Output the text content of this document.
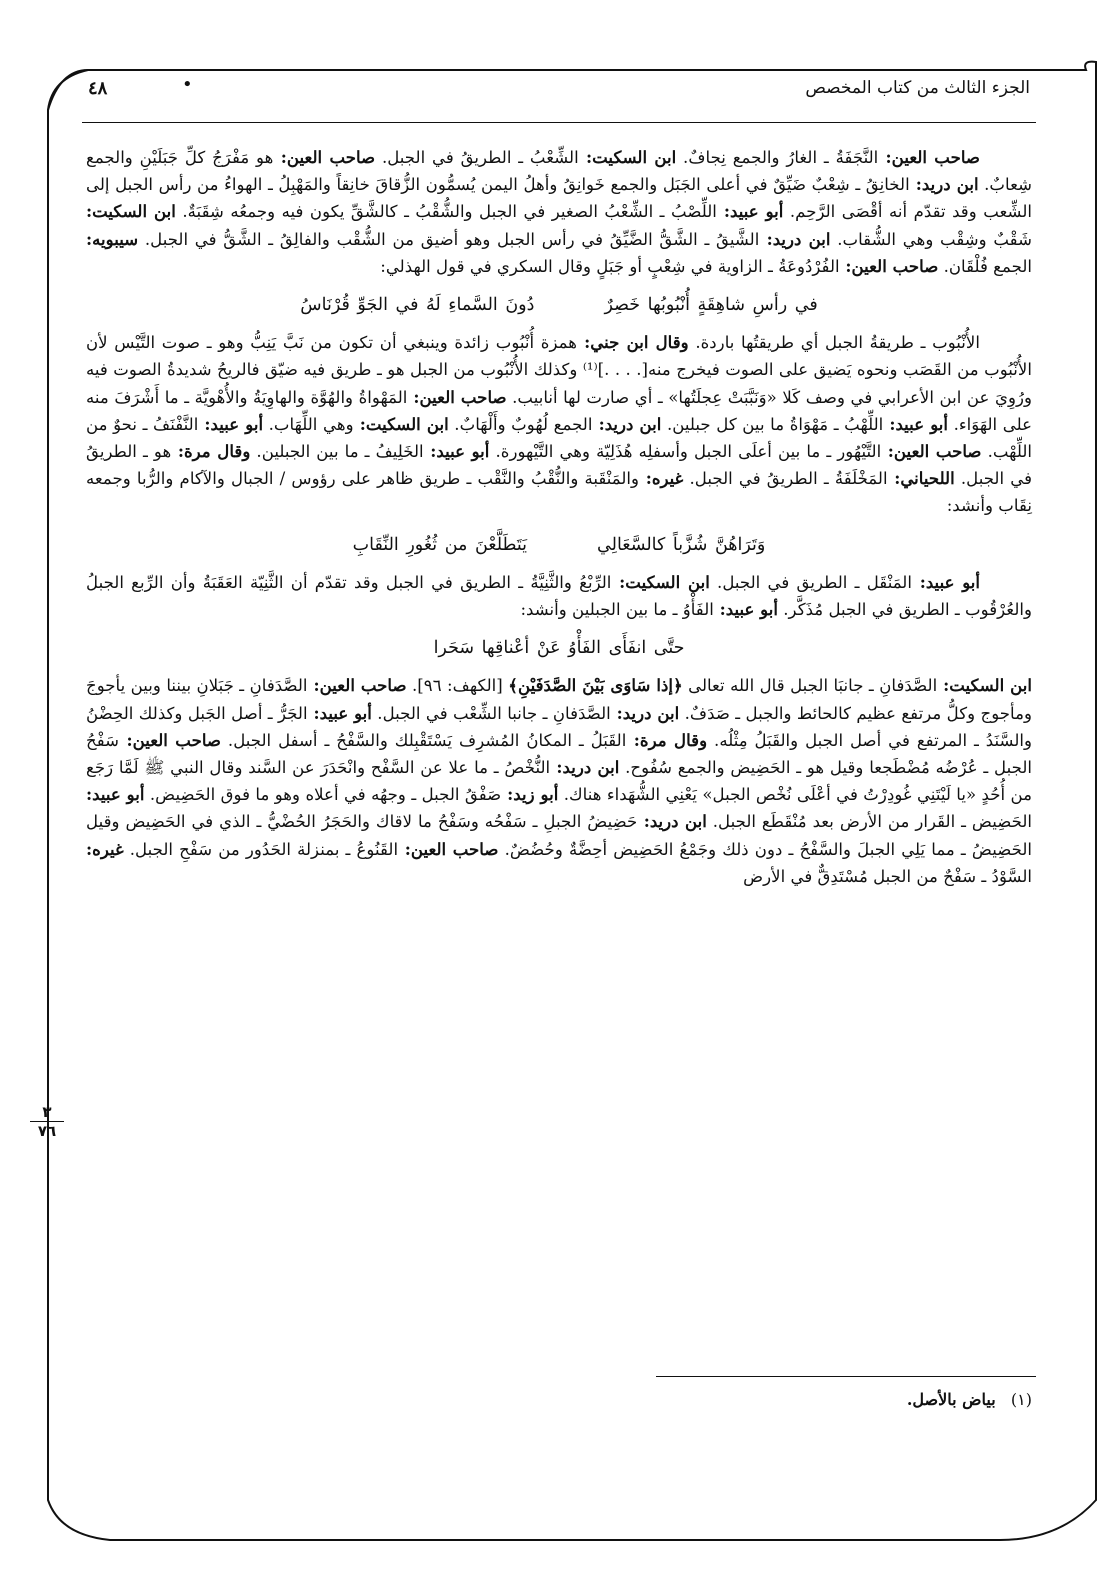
الجزء الثالث من كتاب المخصص
•
٤٨

صاحب العين: النَّجَفَةُ ـ الغارُ والجمع نِجافٌ. ابن السكيت: الشِّعْبُ ـ الطريقُ في الجبل. صاحب العين: هو مَفْرَجُ كلِّ جَبَلَيْنِ والجمع شِعابٌ. ابن دريد: الخانِقُ ـ شِعْبٌ ضَيِّقٌ في أعلى الجَبَل والجمع خَوانِقُ وأهلُ اليمن يُسمُّون الزُّقاقَ خانِقاً والمَهْبِلُ ـ الهواءُ من رأس الجبل إلى الشِّعب وقد تقدّم أنه أقْصَى الرَّحِم. أبو عبيد: اللِّصْبُ ـ الشِّعْبُ الصغير في الجبل والشُّقْبُ ـ كالشَّقِّ يكون فيه وجمعُه شِقَبَةٌ. ابن السكيت: شَقْبٌ وشِقْب وهي الشُّقاب. ابن دريد: الشَّيقُ ـ الشَّقُّ الضَّيِّقُ في رأس الجبل وهو أضيق من الشُّقْب والفالِقُ ـ الشَّقُّ في الجبل. سيبويه: الجمع فُلْقَان. صاحب العين: الفُرْدُوعَةُ ـ الزاوية في شِعْبٍ أو جَبَلٍ وقال السكري في قول الهذلي:

في رأسِ شاهِقَةٍ أُنْبُوبُها خَصِرٌ
دُونَ السَّماءِ لَهُ في الجَوِّ قُرْنَاسُ

الأُنْبُوب ـ طريقةُ الجبل أي طريقتُها باردة. وقال ابن جني: همزة أُنْبُوب زائدة وينبغي أن تكون من نَبَّ يَنِبُّ وهو ـ صوت التَّيْس لأن الأُنْبُوب من القَصَب ونحوه يَضيق على الصوت فيخرج منه[. . . .]⁽¹⁾ وكذلك الأُنْبُوب من الجبل هو ـ طريق فيه ضيّق فالريحُ شديدةُ الصوت فيه ورُوِيَ عن ابن الأعرابي في وصف كَلا «وَنَبَّبَتْ عِجلَتُها» ـ أي صارت لها أنابيب. صاحب العين: المَهْواةُ والهُوَّة والهاوِيَةُ والأُهْويَّة ـ ما أَشْرَفَ منه على الهَوَاء. أبو عبيد: اللِّهْبُ ـ مَهْوَاةُ ما بين كل جبلين. ابن دريد: الجمع لُهُوبٌ وأَلْهَابٌ. ابن السكيت: وهي اللِّهَاب. أبو عبيد: النَّفْنَفُ ـ نحوٌ من اللِّهْب. صاحب العين: التَّيْهُور ـ ما بين أعلَى الجبل وأسفلِه هُذَلِيّة وهي التَّيْهورة. أبو عبيد: الخَلِيفُ ـ ما بين الجبلين. وقال مرة: هو ـ الطريقُ في الجبل. اللحياني: المَخْلَفَةُ ـ الطريقُ في الجبل. غيره: والمَنْقَبة والنُّقْبُ والنَّقْب ـ طريق ظاهر على رؤوس / الجبال والآكام والرُّبا وجمعه نِقَاب وأنشد:

وَتَرَاهُنَّ شُزَّباً كالسَّعَالِي
يَتَطَلَّعْنَ من ثُغُورِ النِّقَابِ

أبو عبيد: المَنْقَل ـ الطريق في الجبل. ابن السكيت: الرِّبْعُ والثَّنِيَّةُ ـ الطريق في الجبل وقد تقدّم أن الثَّنِيّة العَقَبَةُ وأن الرِّبع الجبلُ والعُرْقُوب ـ الطريق في الجبل مُذَكَّر. أبو عبيد: الفَأْوُ ـ ما بين الجبلين وأنشد:

حتَّى انفَأَى الفَأْوُ عَنْ أعْناقِها سَحَرا

ابن السكيت: الصَّدَفانِ ـ جانبَا الجبل قال الله تعالى ﴿إذا سَاوَى بَيْنَ الصَّدَفَيْنِ﴾ [الكهف: ٩٦]. صاحب العين: الصَّدَفانِ ـ جَبَلانِ بيننا وبين يأجوجَ ومأجوج وكلُّ مرتفع عظيم كالحائط والجبل ـ صَدَفٌ. ابن دريد: الصَّدَفانِ ـ جانبا الشِّعْب في الجبل. أبو عبيد: الجَرُّ ـ أصل الجَبل وكذلك الحِضْنُ والسَّنَدُ ـ المرتفع في أصل الجبل والقَبَلُ مِثْلُه. وقال مرة: القَبَلُ ـ المكانُ المُشرِف يَسْتَقْبِلك والسَّفْحُ ـ أسفل الجبل. صاحب العين: سَفْحُ الجبل ـ عُرْضُه مُضْطَجعا وقيل هو ـ الحَضِيض والجمع سُفُوح. ابن دريد: النُّخْصُ ـ ما علا عن السَّفْح وانْحَدَرَ عن السَّند وقال النبي ﷺ لَمَّا رَجَع من أُحُدٍ «يا لَيْتَنِي غُودِرْتُ في أعْلَى نُخْص الجبل» يَعْنِي الشُّهَداء هناك. أبو زيد: صَفْقُ الجبل ـ وجهُه في أعلاه وهو ما فوق الحَضِيض. أبو عبيد: الحَضِيض ـ القَرار من الأرض بعد مُنْقَطَع الجبل. ابن دريد: حَضِيضُ الجبلِ ـ سَفْحُه وسَفْحُ ما لاقاك والحَجَرُ الحُضْيُّ ـ الذي في الحَضِيض وقيل الحَضِيضُ ـ مما يَلِي الجبلَ والسَّفْحُ ـ دون ذلك وجَمْعُ الحَضِيض أحِضَّةٌ وحُضُضٌ. صاحب العين: القَنُوعُ ـ بمنزلة الحَدُور من سَفْحِ الجبل. غيره: السَّوْدُ ـ سَفْحٌ من الجبل مُسْتَدِقٌّ في الأرض

(١)   بياض بالأصل.
٣
٧٦
